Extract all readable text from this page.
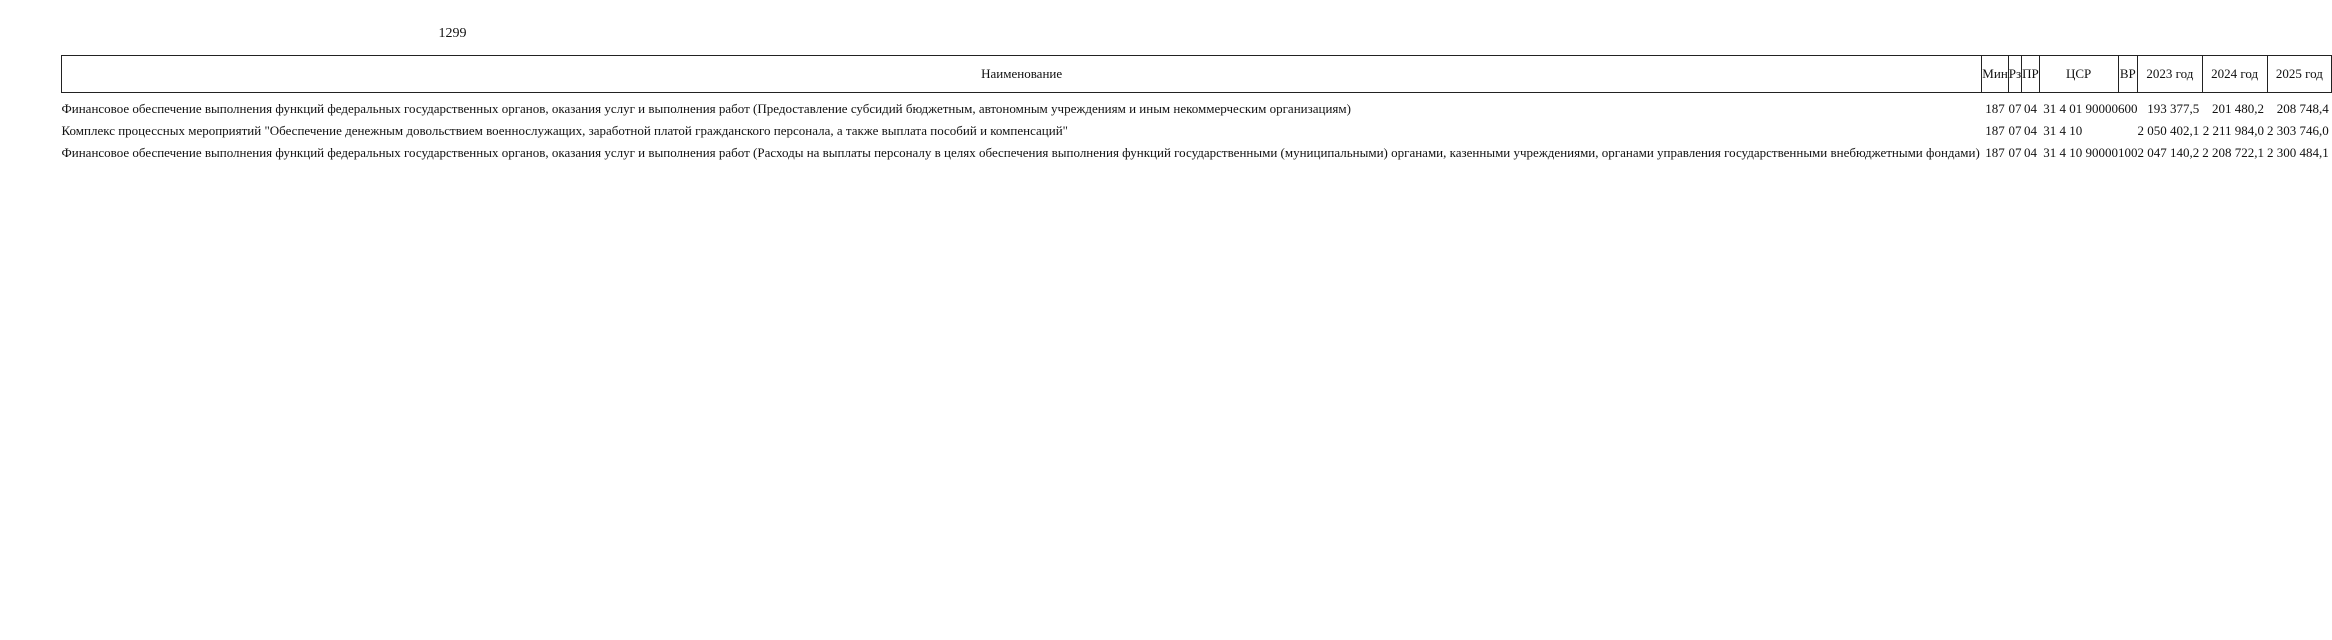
1299
Наименование	Мин	Рз	ПР	ЦСР	ВР	2023 год	2024 год	2025 год
Финансовое обеспечение выполнения функций федеральных государственных органов, оказания услуг и выполнения работ (Предоставление субсидий бюджетным, автономным учреждениям и иным некоммерческим организациям)	187	07	04	31 4 01 90000	600	193 377,5	201 480,2	208 748,4
Комплекс процессных мероприятий "Обеспечение денежным довольствием военнослужащих, заработной платой гражданского персонала, а также выплата пособий и компенсаций"	187	07	04	31 4 10		2 050 402,1	2 211 984,0	2 303 746,0
Финансовое обеспечение выполнения функций федеральных государственных органов, оказания услуг и выполнения работ (Расходы на выплаты персоналу в целях обеспечения выполнения функций государственными (муниципальными) органами, казенными учреждениями, органами управления государственными внебюджетными фондами)	187	07	04	31 4 10 90000	100	2 047 140,2	2 208 722,1	2 300 484,1
